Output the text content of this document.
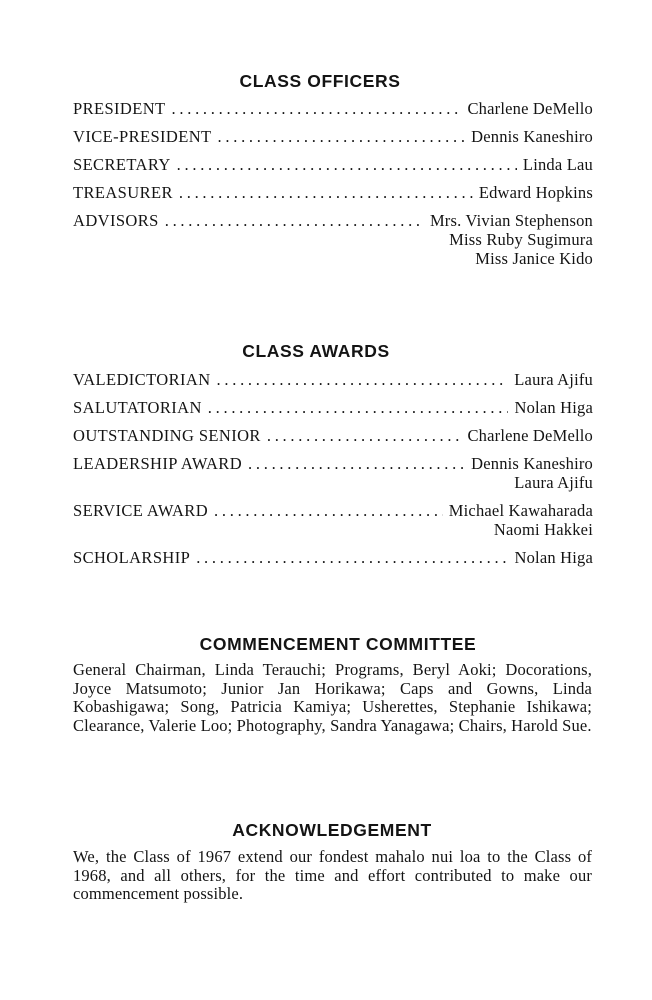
CLASS OFFICERS
PRESIDENT . . .	Charlene DeMello
VICE-PRESIDENT . . .	Dennis Kaneshiro
SECRETARY . . .	Linda Lau
TREASURER . . .	Edward Hopkins
ADVISORS . . .	Mrs. Vivian Stephenson
Miss Ruby Sugimura
Miss Janice Kido
CLASS AWARDS
VALEDICTORIAN . . .	Laura Ajifu
SALUTATORIAN . . .	Nolan Higa
OUTSTANDING SENIOR . . .	Charlene DeMello
LEADERSHIP AWARD . . .	Dennis Kaneshiro
Laura Ajifu
SERVICE AWARD . . .	Michael Kawaharada
Naomi Hakkei
SCHOLARSHIP . . .	Nolan Higa
COMMENCEMENT COMMITTEE

General Chairman, Linda Terauchi; Programs, Beryl Aoki; Docorations, Joyce Matsumoto; Junior Jan Horikawa; Caps and Gowns, Linda Kobashigawa; Song, Patricia Kamiya; Usherettes, Stephanie Ishikawa; Clearance, Valerie Loo; Photography, Sandra Yanagawa; Chairs, Harold Sue.

ACKNOWLEDGEMENT

We, the Class of 1967 extend our fondest mahalo nui loa to the Class of 1968, and all others, for the time and effort contributed to make our commencement possible.
